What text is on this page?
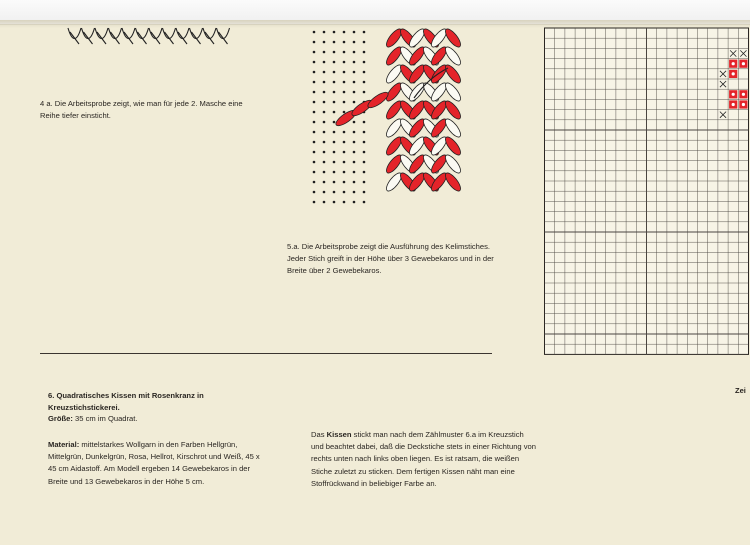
4 a. Die Arbeitsprobe zeigt, wie man für jede 2. Masche eine Reihe tiefer einsticht.

5.a. Die Arbeitsprobe zeigt die Ausführung des Kelimstiches. Jeder Stich greift in der Höhe über 3 Gewebekaros und in der Breite über 2 Gewebekaros.

6. Quadratisches Kissen mit Rosenkranz in Kreuzstichstickerei.

Größe: 35 cm im Quadrat.
Material: mittelstarkes Wollgarn in den Farben Hellgrün, Mittelgrün, Dunkelgrün, Rosa, Hellrot, Kirschrot und Weiß, 45 x 45 cm Aidastoff. Am Modell ergeben 14 Gewebekaros in der Breite und 13 Gewebekaros in der Höhe 5 cm.
Das Kissen stickt man nach dem Zählmuster 6.a im Kreuzstich und beachtet dabei, daß die Deckstiche stets in einer Richtung von rechts unten nach links oben liegen. Es ist ratsam, die weißen Stiche zuletzt zu sticken. Dem fertigen Kissen näht man eine Stoffrückwand in beliebiger Farbe an.
Zei
